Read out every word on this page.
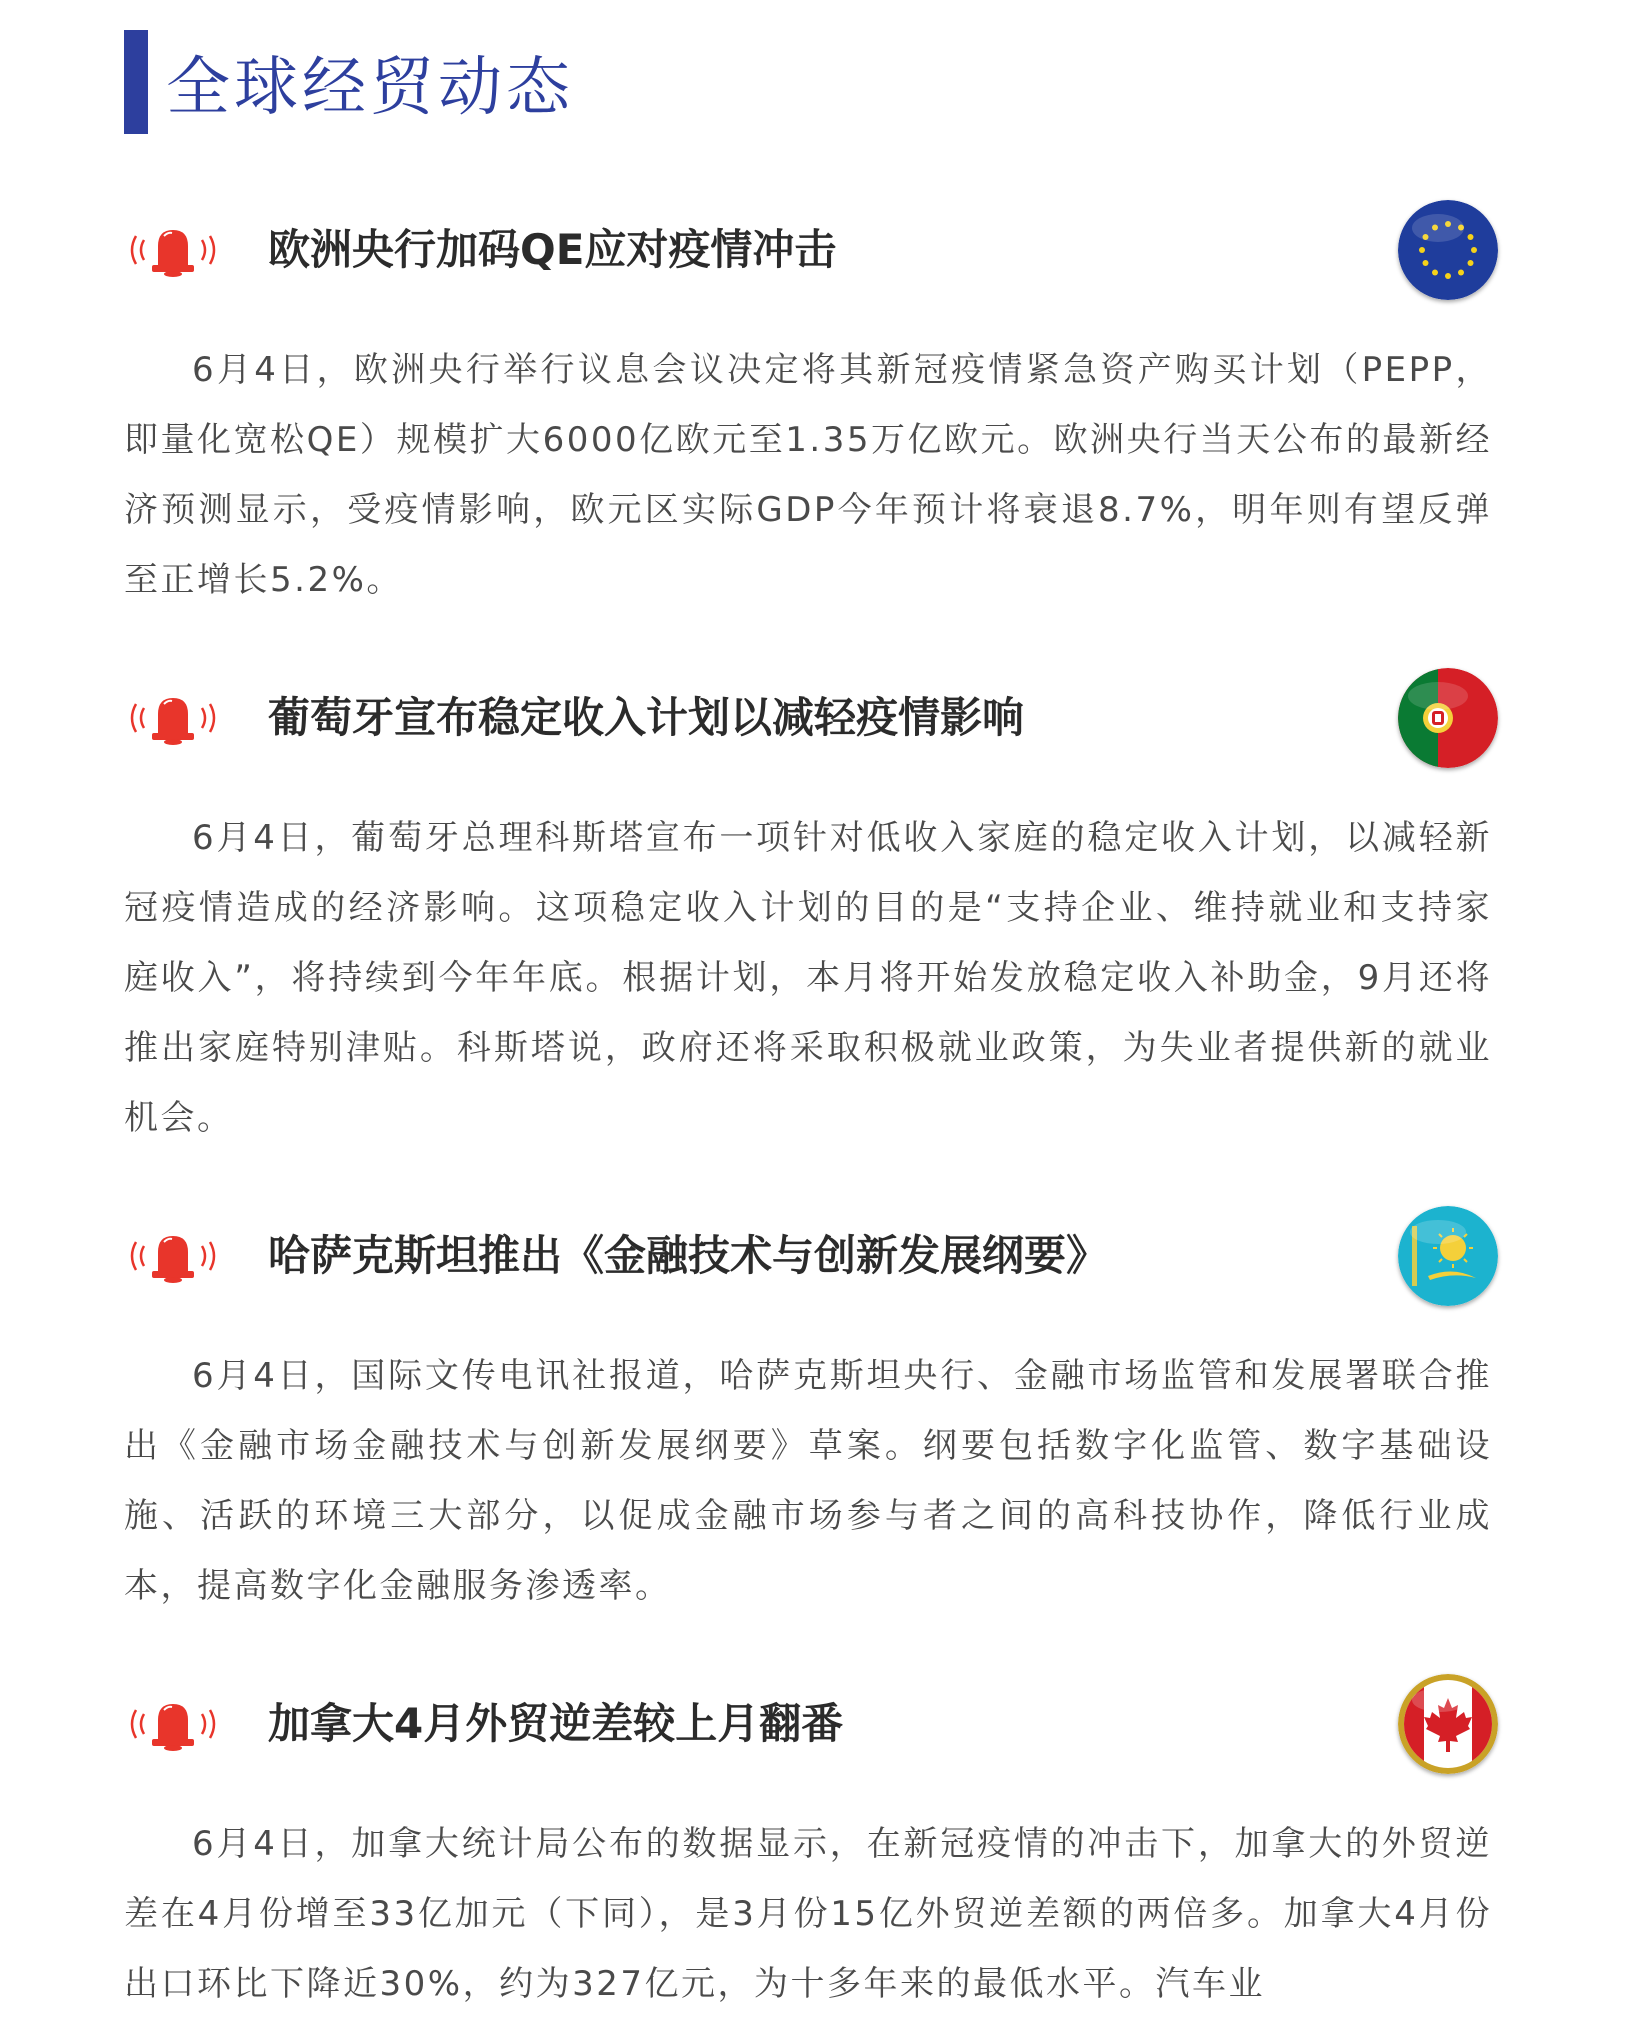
全球经贸动态
欧洲央行加码QE应对疫情冲击

6月4日，欧洲央行举行议息会议决定将其新冠疫情紧急资产购买计划（PEPP，即量化宽松QE）规模扩大6000亿欧元至1.35万亿欧元。欧洲央行当天公布的最新经济预测显示，受疫情影响，欧元区实际GDP今年预计将衰退8.7%，明年则有望反弹至正增长5.2%。

葡萄牙宣布稳定收入计划以减轻疫情影响

6月4日，葡萄牙总理科斯塔宣布一项针对低收入家庭的稳定收入计划，以减轻新冠疫情造成的经济影响。这项稳定收入计划的目的是“支持企业、维持就业和支持家庭收入”，将持续到今年年底。根据计划，本月将开始发放稳定收入补助金，9月还将推出家庭特别津贴。科斯塔说，政府还将采取积极就业政策，为失业者提供新的就业机会。

哈萨克斯坦推出《金融技术与创新发展纲要》

6月4日，国际文传电讯社报道，哈萨克斯坦央行、金融市场监管和发展署联合推出《金融市场金融技术与创新发展纲要》草案。纲要包括数字化监管、数字基础设施、活跃的环境三大部分，以促成金融市场参与者之间的高科技协作，降低行业成本，提高数字化金融服务渗透率。

加拿大4月外贸逆差较上月翻番

6月4日，加拿大统计局公布的数据显示，在新冠疫情的冲击下，加拿大的外贸逆差在4月份增至33亿加元（下同），是3月份15亿外贸逆差额的两倍多。加拿大4月份出口环比下降近30%，约为327亿元，为十多年来的最低水平。汽车业
